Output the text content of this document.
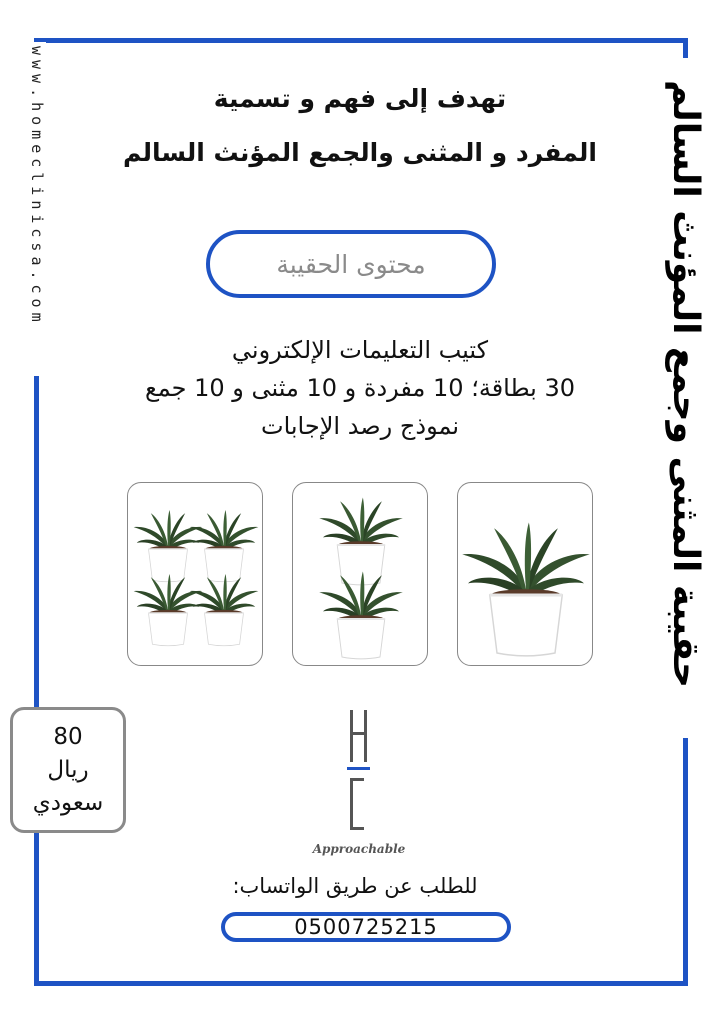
www.homeclinicsa.com	حقيبة المثنى وجمع المؤنث السالم
تهدف إلى فهم و تسمية
المفرد و المثنى والجمع المؤنث السالم
محتوى الحقيبة
كتيب التعليمات الإلكتروني
30 بطاقة؛ 10 مفردة و 10 مثنى و 10 جمع
نموذج رصد الإجابات
80
ريال
سعودي
Approachable
للطلب عن طريق الواتساب:
0500725215
